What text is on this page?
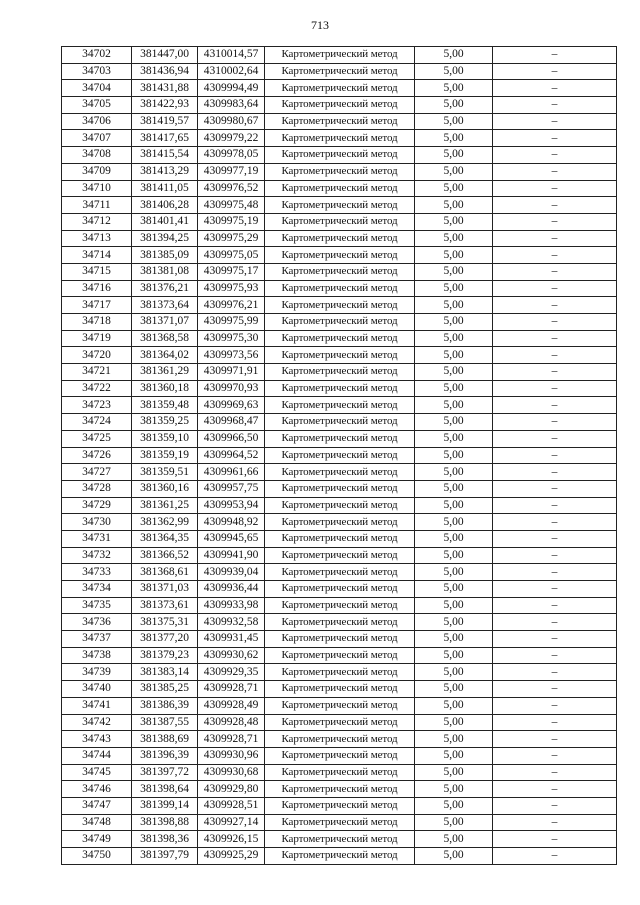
713
34702	381447,00	4310014,57	Картометрический метод	5,00	–
34703	381436,94	4310002,64	Картометрический метод	5,00	–
34704	381431,88	4309994,49	Картометрический метод	5,00	–
34705	381422,93	4309983,64	Картометрический метод	5,00	–
34706	381419,57	4309980,67	Картометрический метод	5,00	–
34707	381417,65	4309979,22	Картометрический метод	5,00	–
34708	381415,54	4309978,05	Картометрический метод	5,00	–
34709	381413,29	4309977,19	Картометрический метод	5,00	–
34710	381411,05	4309976,52	Картометрический метод	5,00	–
34711	381406,28	4309975,48	Картометрический метод	5,00	–
34712	381401,41	4309975,19	Картометрический метод	5,00	–
34713	381394,25	4309975,29	Картометрический метод	5,00	–
34714	381385,09	4309975,05	Картометрический метод	5,00	–
34715	381381,08	4309975,17	Картометрический метод	5,00	–
34716	381376,21	4309975,93	Картометрический метод	5,00	–
34717	381373,64	4309976,21	Картометрический метод	5,00	–
34718	381371,07	4309975,99	Картометрический метод	5,00	–
34719	381368,58	4309975,30	Картометрический метод	5,00	–
34720	381364,02	4309973,56	Картометрический метод	5,00	–
34721	381361,29	4309971,91	Картометрический метод	5,00	–
34722	381360,18	4309970,93	Картометрический метод	5,00	–
34723	381359,48	4309969,63	Картометрический метод	5,00	–
34724	381359,25	4309968,47	Картометрический метод	5,00	–
34725	381359,10	4309966,50	Картометрический метод	5,00	–
34726	381359,19	4309964,52	Картометрический метод	5,00	–
34727	381359,51	4309961,66	Картометрический метод	5,00	–
34728	381360,16	4309957,75	Картометрический метод	5,00	–
34729	381361,25	4309953,94	Картометрический метод	5,00	–
34730	381362,99	4309948,92	Картометрический метод	5,00	–
34731	381364,35	4309945,65	Картометрический метод	5,00	–
34732	381366,52	4309941,90	Картометрический метод	5,00	–
34733	381368,61	4309939,04	Картометрический метод	5,00	–
34734	381371,03	4309936,44	Картометрический метод	5,00	–
34735	381373,61	4309933,98	Картометрический метод	5,00	–
34736	381375,31	4309932,58	Картометрический метод	5,00	–
34737	381377,20	4309931,45	Картометрический метод	5,00	–
34738	381379,23	4309930,62	Картометрический метод	5,00	–
34739	381383,14	4309929,35	Картометрический метод	5,00	–
34740	381385,25	4309928,71	Картометрический метод	5,00	–
34741	381386,39	4309928,49	Картометрический метод	5,00	–
34742	381387,55	4309928,48	Картометрический метод	5,00	–
34743	381388,69	4309928,71	Картометрический метод	5,00	–
34744	381396,39	4309930,96	Картометрический метод	5,00	–
34745	381397,72	4309930,68	Картометрический метод	5,00	–
34746	381398,64	4309929,80	Картометрический метод	5,00	–
34747	381399,14	4309928,51	Картометрический метод	5,00	–
34748	381398,88	4309927,14	Картометрический метод	5,00	–
34749	381398,36	4309926,15	Картометрический метод	5,00	–
34750	381397,79	4309925,29	Картометрический метод	5,00	–
